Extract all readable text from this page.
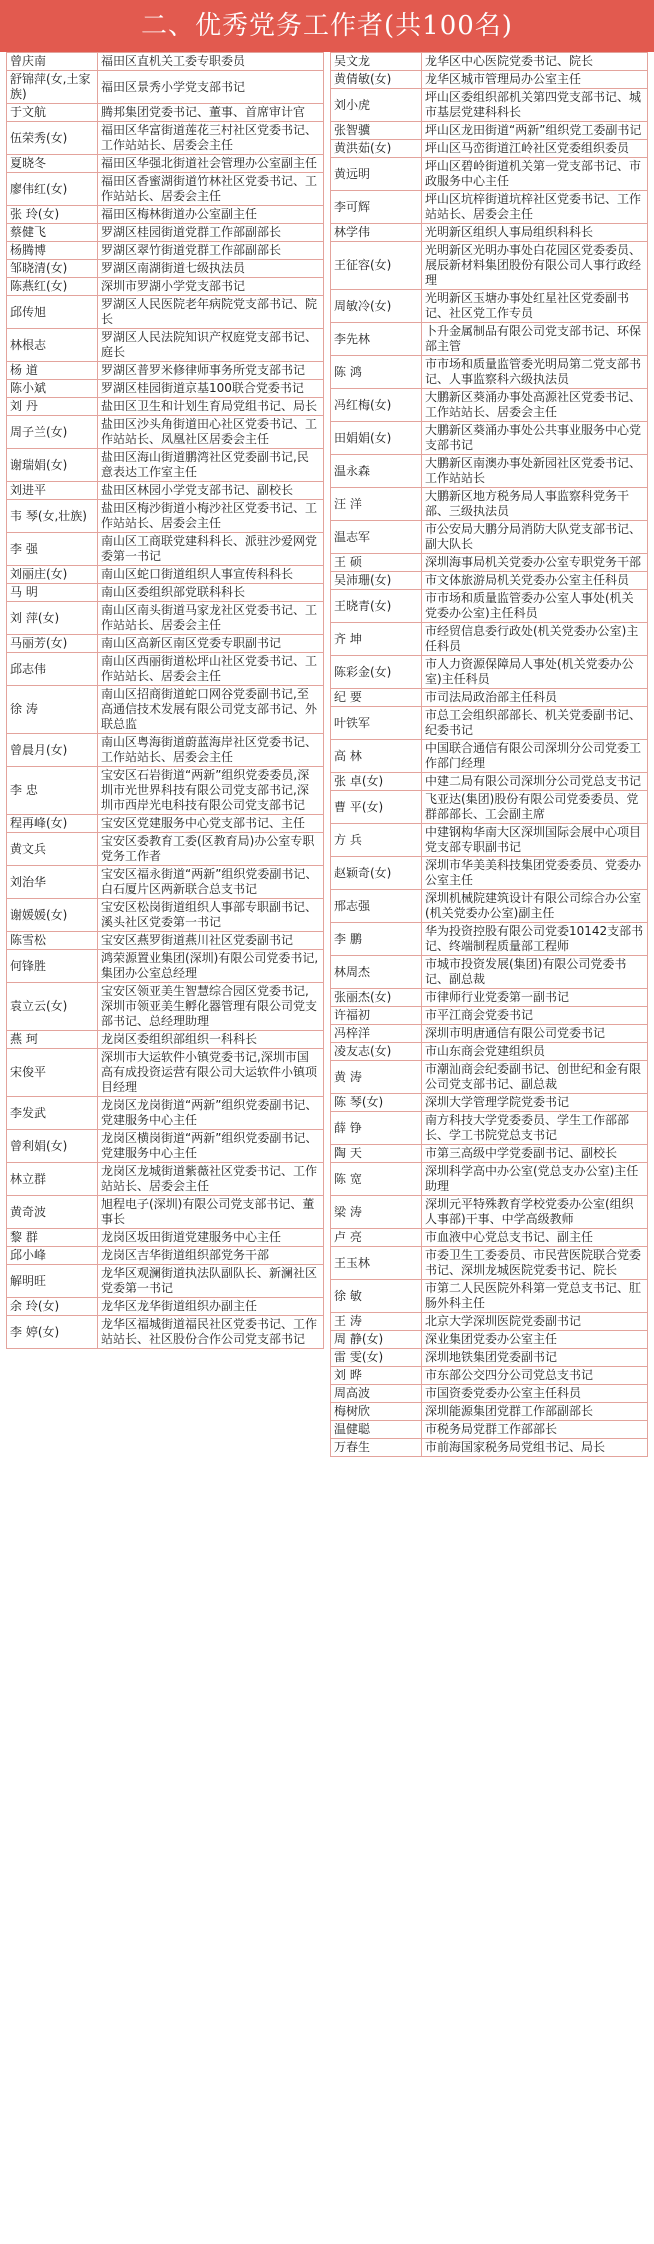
二、优秀党务工作者(共100名)
曾庆南	福田区直机关工委专职委员
舒锦萍(女,土家族)	福田区景秀小学党支部书记
于文航	腾邦集团党委书记、董事、首席审计官
伍荣秀(女)	福田区华富街道莲花三村社区党委书记、工作站站长、居委会主任
夏晓冬	福田区华强北街道社会管理办公室副主任
廖伟红(女)	福田区香蜜湖街道竹林社区党委书记、工作站站长、居委会主任
张 玲(女)	福田区梅林街道办公室副主任
蔡健飞	罗湖区桂园街道党群工作部副部长
杨腾博	罗湖区翠竹街道党群工作部副部长
邹晓清(女)	罗湖区南湖街道七级执法员
陈燕红(女)	深圳市罗湖小学党支部书记
邱传旭	罗湖区人民医院老年病院党支部书记、院长
林根志	罗湖区人民法院知识产权庭党支部书记、庭长
杨 道	罗湖区普罗米修律师事务所党支部书记
陈小斌	罗湖区桂园街道京基100联合党委书记
刘 丹	盐田区卫生和计划生育局党组书记、局长
周子兰(女)	盐田区沙头角街道田心社区党委书记、工作站站长、凤凰社区居委会主任
谢瑞娟(女)	盐田区海山街道鹏湾社区党委副书记,民意表达工作室主任
刘进平	盐田区林园小学党支部书记、副校长
韦 琴(女,壮族)	盐田区梅沙街道小梅沙社区党委书记、工作站站长、居委会主任
李 强	南山区工商联党建科科长、派驻沙爱网党委第一书记
刘丽庄(女)	南山区蛇口街道组织人事宣传科科长
马 明	南山区委组织部党联科科长
刘 萍(女)	南山区南头街道马家龙社区党委书记、工作站站长、居委会主任
马丽芳(女)	南山区高新区南区党委专职副书记
邱志伟	南山区西丽街道松坪山社区党委书记、工作站站长、居委会主任
徐 涛	南山区招商街道蛇口网谷党委副书记,至高通信技术发展有限公司党支部书记、外联总监
曾晨月(女)	南山区粤海街道蔚蓝海岸社区党委书记、工作站站长、居委会主任
李 忠	宝安区石岩街道“两新”组织党委委员,深圳市光世界科技有限公司党支部书记,深圳市西岸光电科技有限公司党支部书记
程再峰(女)	宝安区党建服务中心党支部书记、主任
黄文兵	宝安区委教育工委(区教育局)办公室专职党务工作者
刘治华	宝安区福永街道“两新”组织党委副书记、白石厦片区两新联合总支书记
谢媛媛(女)	宝安区松岗街道组织人事部专职副书记、溪头社区党委第一书记
陈雪松	宝安区燕罗街道燕川社区党委副书记
何锋胜	鸿荣源置业集团(深圳)有限公司党委书记,集团办公室总经理
袁立云(女)	宝安区领亚美生智慧综合园区党委书记,深圳市领亚美生孵化器管理有限公司党支部书记、总经理助理
燕 珂	龙岗区委组织部组织一科科长
宋俊平	深圳市大运软件小镇党委书记,深圳市国高有成投资运营有限公司大运软件小镇项目经理
李发武	龙岗区龙岗街道“两新”组织党委副书记、党建服务中心主任
曾利娟(女)	龙岗区横岗街道“两新”组织党委副书记、党建服务中心主任
林立群	龙岗区龙城街道紫薇社区党委书记、工作站站长、居委会主任
黄奇波	旭程电子(深圳)有限公司党支部书记、董事长
黎 群	龙岗区坂田街道党建服务中心主任
邱小峰	龙岗区吉华街道组织部党务干部
解明旺	龙华区观澜街道执法队副队长、新澜社区党委第一书记
余 玲(女)	龙华区龙华街道组织办副主任
李 婷(女)	龙华区福城街道福民社区党委书记、工作站站长、社区股份合作公司党支部书记
吴文龙	龙华区中心医院党委书记、院长
黄倩敏(女)	龙华区城市管理局办公室主任
刘小虎	坪山区委组织部机关第四党支部书记、城市基层党建科科长
张智骥	坪山区龙田街道“两新”组织党工委副书记
黄洪茹(女)	坪山区马峦街道江岭社区党委组织委员
黄远明	坪山区碧岭街道机关第一党支部书记、市政服务中心主任
李可辉	坪山区坑梓街道坑梓社区党委书记、工作站站长、居委会主任
林学伟	光明新区组织人事局组织科科长
王征容(女)	光明新区光明办事处白花园区党委委员、展辰新材料集团股份有限公司人事行政经理
周敏冷(女)	光明新区玉塘办事处红星社区党委副书记、社区党工作专员
李先林	卜升金属制品有限公司党支部书记、环保部主管
陈 鸿	市市场和质量监管委光明局第二党支部书记、人事监察科六级执法员
冯红梅(女)	大鹏新区葵涌办事处高源社区党委书记、工作站站长、居委会主任
田娟娟(女)	大鹏新区葵涌办事处公共事业服务中心党支部书记
温永森	大鹏新区南澳办事处新园社区党委书记、工作站站长
汪 洋	大鹏新区地方税务局人事监察科党务干部、三级执法员
温志军	市公安局大鹏分局消防大队党支部书记、副大队长
王 硕	深圳海事局机关党委办公室专职党务干部
吴沛珊(女)	市文体旅游局机关党委办公室主任科员
王晓青(女)	市市场和质量监管委办公室人事处(机关党委办公室)主任科员
齐 坤	市经贸信息委行政处(机关党委办公室)主任科员
陈彩金(女)	市人力资源保障局人事处(机关党委办公室)主任科员
纪 要	市司法局政治部主任科员
叶铁军	市总工会组织部部长、机关党委副书记、纪委书记
高 林	中国联合通信有限公司深圳分公司党委工作部门经理
张 卓(女)	中建二局有限公司深圳分公司党总支书记
曹 平(女)	飞亚达(集团)股份有限公司党委委员、党群部部长、工会副主席
方 兵	中建钢构华南大区深圳国际会展中心项目党支部专职副书记
赵颖奇(女)	深圳市华美美科技集团党委委员、党委办公室主任
邢志强	深圳机械院建筑设计有限公司综合办公室(机关党委办公室)副主任
李 鹏	华为投资控股有限公司党委10142支部书记、终端制程质量部工程师
林周杰	市城市投资发展(集团)有限公司党委书记、副总裁
张丽杰(女)	市律师行业党委第一副书记
许福初	市平江商会党委书记
冯梓洋	深圳市明唐通信有限公司党委书记
凌友志(女)	市山东商会党建组织员
黄 涛	市潮汕商会纪委副书记、创世纪和金有限公司党支部书记、副总裁
陈 琴(女)	深圳大学管理学院党委书记
薛 铮	南方科技大学党委委员、学生工作部部长、学工书院党总支书记
陶 天	市第三高级中学党委副书记、副校长
陈 宽	深圳科学高中办公室(党总支办公室)主任助理
梁 涛	深圳元平特殊教育学校党委办公室(组织人事部)干事、中学高级教师
卢 亮	市血液中心党总支书记、副主任
王玉林	市委卫生工委委员、市民营医院联合党委书记、深圳龙城医院党委书记、院长
徐 敏	市第二人民医院外科第一党总支书记、肛肠外科主任
王 涛	北京大学深圳医院党委副书记
周 静(女)	深业集团党委办公室主任
雷 雯(女)	深圳地铁集团党委副书记
刘 晔	市东部公交四分公司党总支书记
周高波	市国资委党委办公室主任科员
梅树欣	深圳能源集团党群工作部副部长
温健聪	市税务局党群工作部部长
万春生	市前海国家税务局党组书记、局长
